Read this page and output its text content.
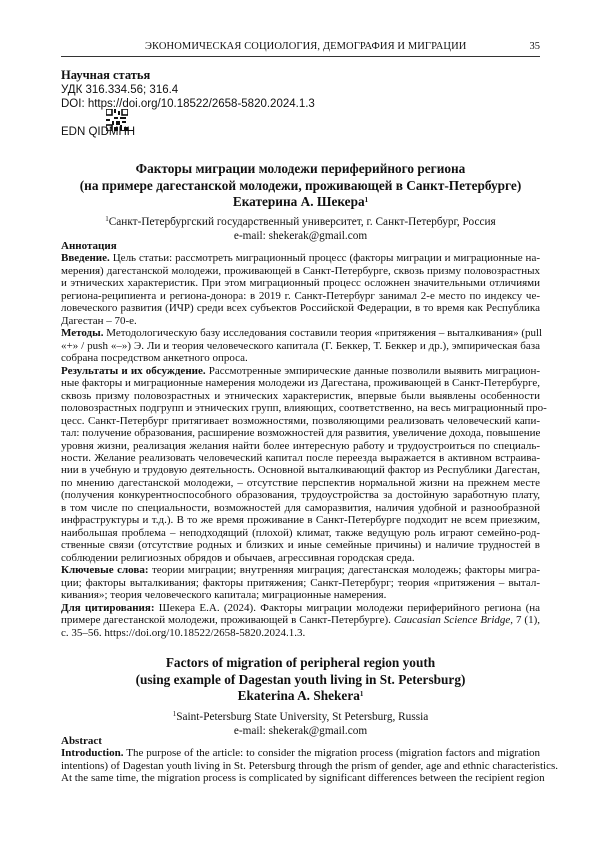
ЭКОНОМИЧЕСКАЯ СОЦИОЛОГИЯ, ДЕМОГРАФИЯ И МИГРАЦИИ	35
Научная статья
УДК 316.334.56; 316.4
DOI: https://doi.org/10.18522/2658-5820.2024.1.3
EDN QIDMHH
Факторы миграции молодежи периферийного региона
(на примере дагестанской молодежи, проживающей в Санкт-Петербурге)
Екатерина А. Шекера1
1Санкт-Петербургский государственный университет, г. Санкт-Петербург, Россия
e-mail: shekerak@gmail.com
Аннотация
Введение. Цель статьи: рассмотреть миграционный процесс (факторы миграции и миграционные на-
мерения) дагестанской молодежи, проживающей в Санкт-Петербурге, сквозь призму половозрастных
и этнических характеристик. При этом миграционный процесс осложнен значительными отличиями
региона-реципиента и региона-донора: в 2019 г. Санкт-Петербург занимал 2-е место по индексу че-
ловеческого развития (ИЧР) среди всех субъектов Российской Федерации, в то время как Республика
Дагестан – 70-е.
Методы. Методологическую базу исследования составили теория «притяжения – выталкивания» (pull
«+» / push «–») Э. Ли и теория человеческого капитала (Г. Беккер, Т. Беккер и др.), эмпирическая база
собрана посредством анкетного опроса.
Результаты и их обсуждение. Рассмотренные эмпирические данные позволили выявить миграцион-
ные факторы и миграционные намерения молодежи из Дагестана, проживающей в Санкт-Петербурге,
сквозь призму половозрастных и этнических характеристик, впервые были выявлены особенности
половозрастных подгрупп и этнических групп, влияющих, соответственно, на весь миграционный про-
цесс. Санкт-Петербург притягивает возможностями, позволяющими реализовать человеческий капи-
тал: получение образования, расширение возможностей для развития, увеличение дохода, повышение
уровня жизни, реализация желания найти более интересную работу и трудоустроиться по специаль-
ности. Желание реализовать человеческий капитал после переезда выражается в активном встраива-
нии в учебную и трудовую деятельность. Основной выталкивающий фактор из Республики Дагестан,
по мнению дагестанской молодежи, – отсутствие перспектив нормальной жизни на прежнем месте
(получения конкурентноспособного образования, трудоустройства за достойную заработную плату,
в том числе по специальности, возможностей для саморазвития, наличия удобной и разнообразной
инфраструктуры и т.д.). В то же время проживание в Санкт-Петербурге подходит не всем приезжим,
наибольшая проблема – неподходящий (плохой) климат, также ведущую роль играют семейно-род-
ственные связи (отсутствие родных и близких и иные семейные причины) и наличие трудностей в
соблюдении религиозных обрядов и обычаев, агрессивная городская среда.
Ключевые слова: теории миграции; внутренняя миграция; дагестанская молодежь; факторы мигра-
ции; факторы выталкивания; факторы притяжения; Санкт-Петербург; теория «притяжения – вытал-
кивания»; теория человеческого капитала; миграционные намерения.
Для цитирования: Шекера Е.А. (2024). Факторы миграции молодежи периферийного региона (на
примере дагестанской молодежи, проживающей в Санкт-Петербурге). Caucasian Science Bridge, 7 (1),
с. 35–56. https://doi.org/10.18522/2658-5820.2024.1.3.
Factors of migration of peripheral region youth
(using example of Dagestan youth living in St. Petersburg)
Ekaterina A. Shekera1
1Saint-Petersburg State University, St Petersburg, Russia
e-mail: shekerak@gmail.com
Abstract
Introduction. The purpose of the article: to consider the migration process (migration factors and migration
intentions) of Dagestan youth living in St. Petersburg through the prism of gender, age and ethnic characteristics.
At the same time, the migration process is complicated by significant differences between the recipient region
